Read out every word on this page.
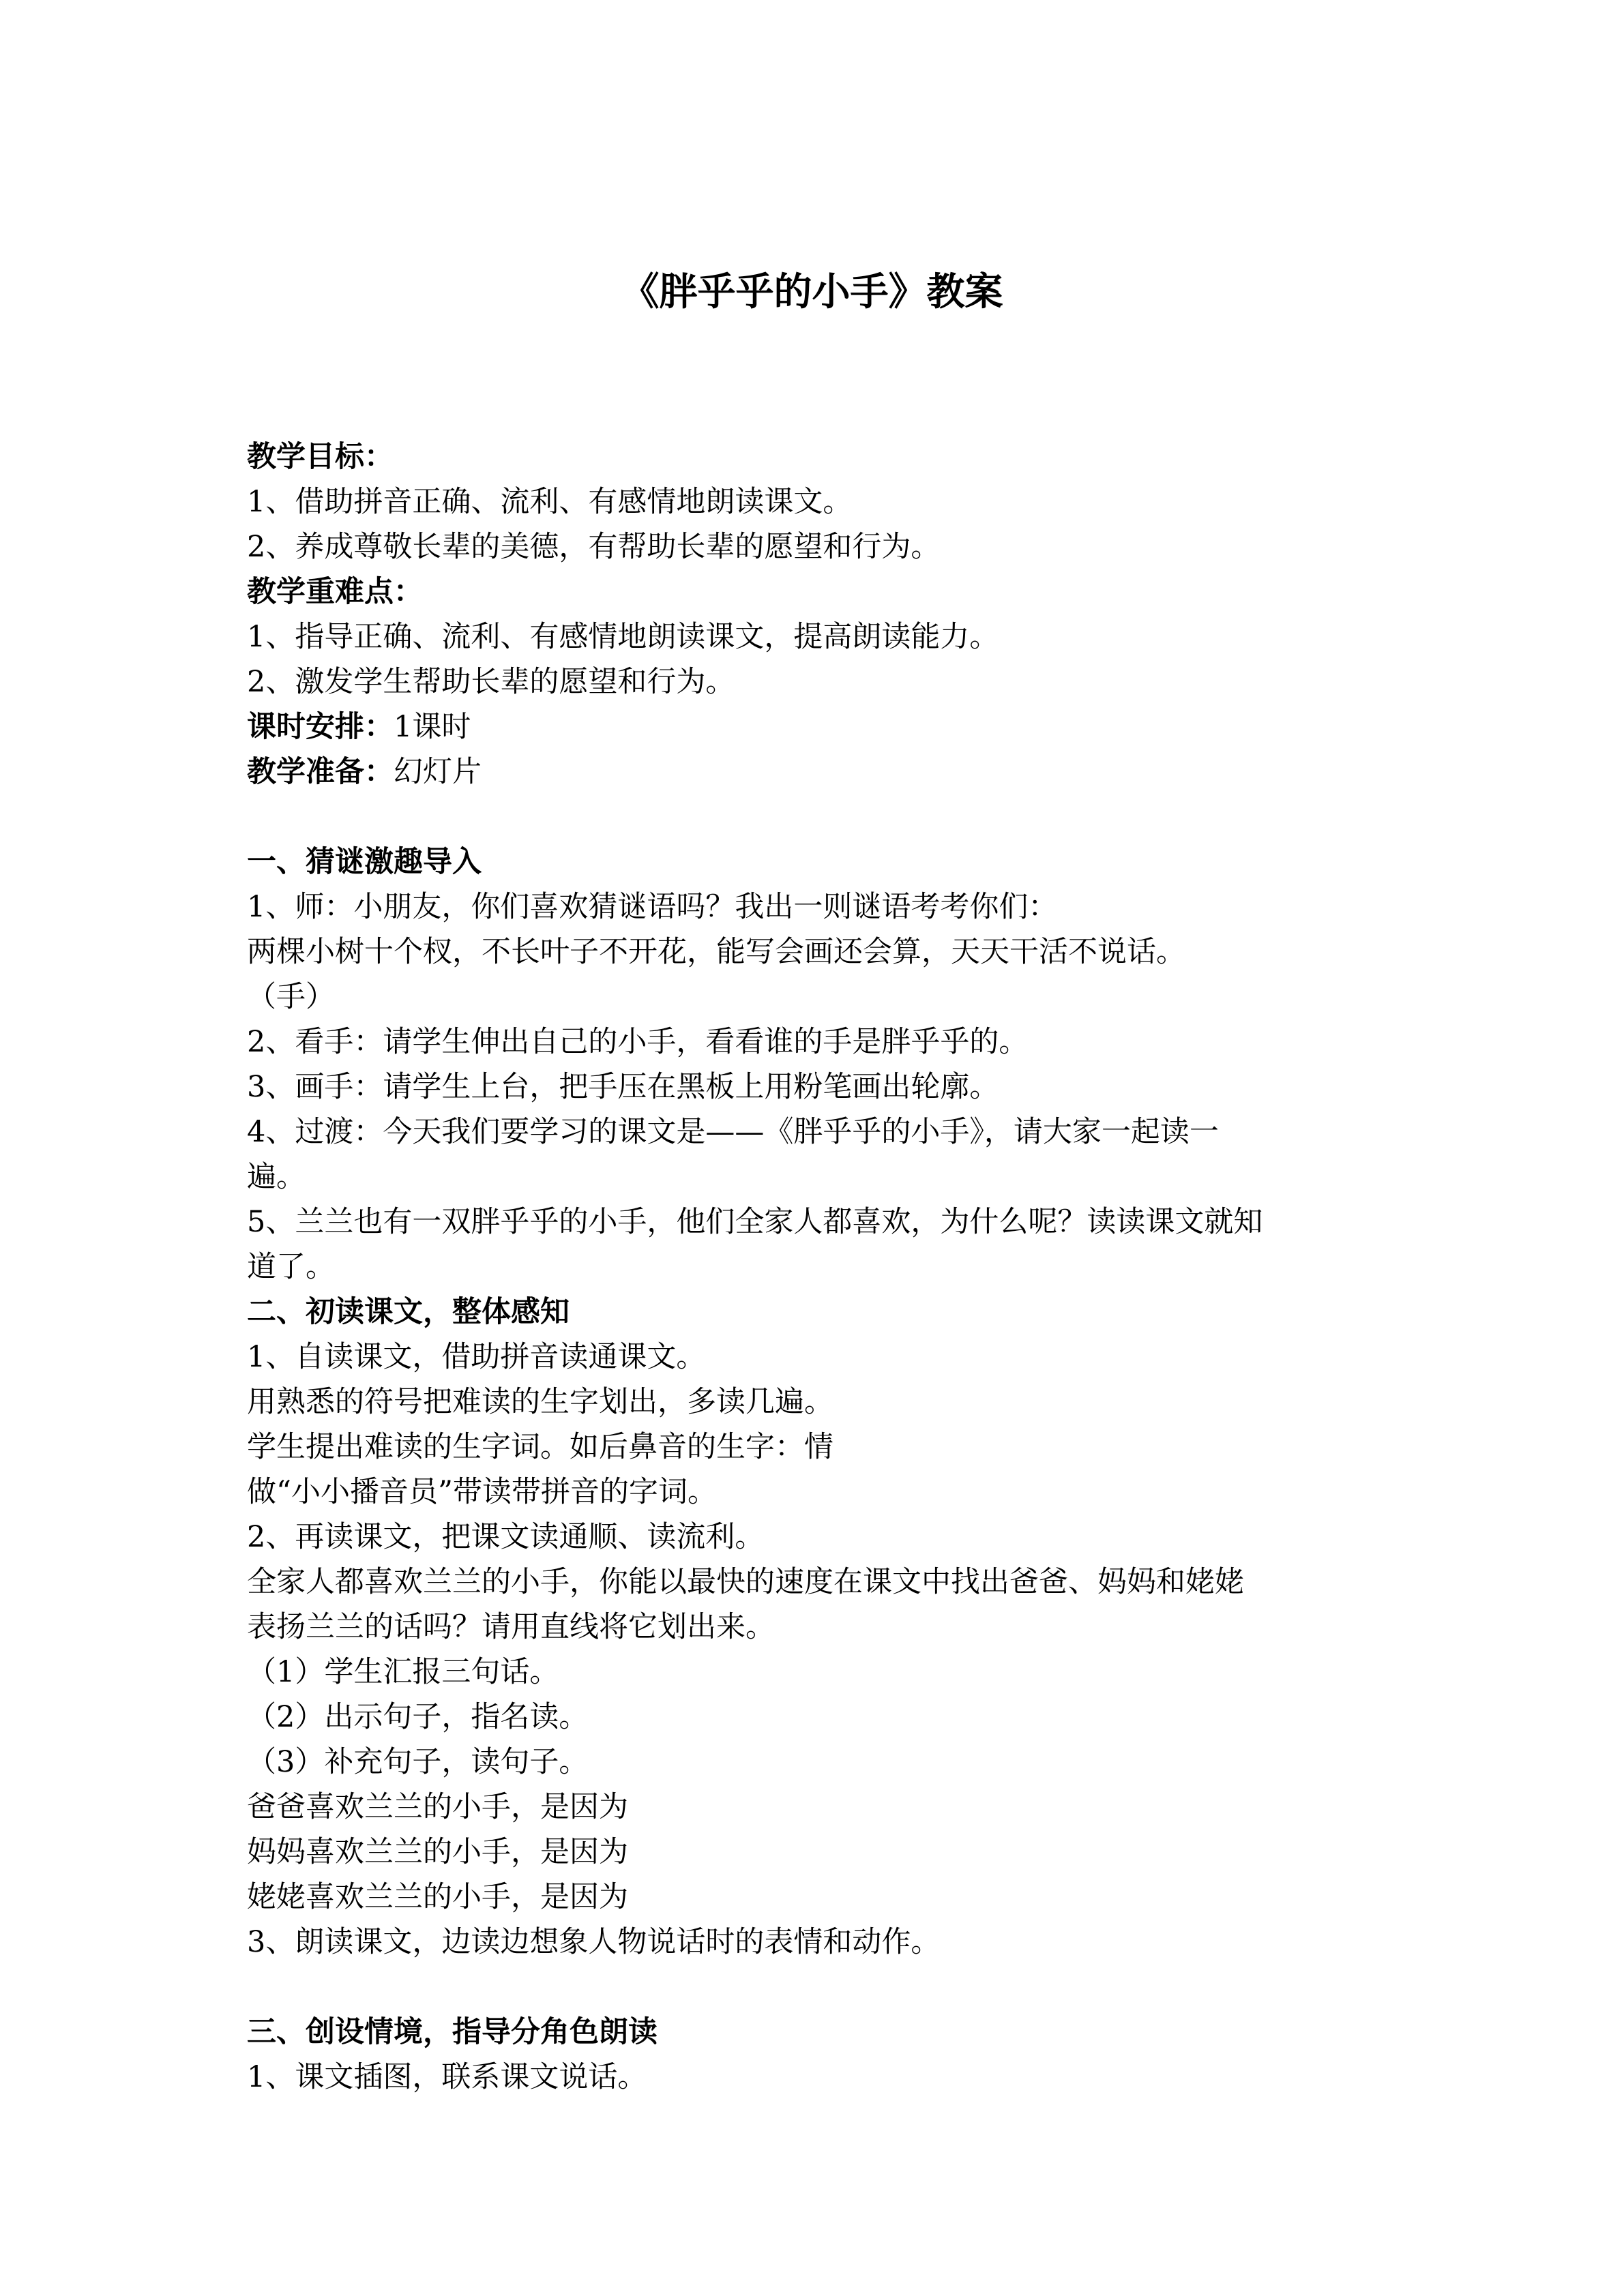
《胖乎乎的小手》教案
教学目标：
1、借助拼音正确、流利、有感情地朗读课文。
2、养成尊敬长辈的美德，有帮助长辈的愿望和行为。
教学重难点：
1、指导正确、流利、有感情地朗读课文，提高朗读能力。
2、激发学生帮助长辈的愿望和行为。
课时安排：1课时
教学准备：幻灯片
一、猜谜激趣导入
1、师：小朋友，你们喜欢猜谜语吗？我出一则谜语考考你们：
两棵小树十个杈，不长叶子不开花，能写会画还会算，天天干活不说话。
（手）
2、看手：请学生伸出自己的小手，看看谁的手是胖乎乎的。
3、画手：请学生上台，把手压在黑板上用粉笔画出轮廓。
4、过渡：今天我们要学习的课文是——《胖乎乎的小手》，请大家一起读一
遍。
5、兰兰也有一双胖乎乎的小手，他们全家人都喜欢，为什么呢？读读课文就知
道了。
二、初读课文，整体感知
1、自读课文，借助拼音读通课文。
用熟悉的符号把难读的生字划出，多读几遍。
学生提出难读的生字词。如后鼻音的生字：情
做“小小播音员”带读带拼音的字词。
2、再读课文，把课文读通顺、读流利。
全家人都喜欢兰兰的小手，你能以最快的速度在课文中找出爸爸、妈妈和姥姥
表扬兰兰的话吗？请用直线将它划出来。
（1）学生汇报三句话。
（2）出示句子，指名读。
（3）补充句子，读句子。
爸爸喜欢兰兰的小手，是因为
妈妈喜欢兰兰的小手，是因为
姥姥喜欢兰兰的小手，是因为
3、朗读课文，边读边想象人物说话时的表情和动作。
三、创设情境，指导分角色朗读
1、课文插图，联系课文说话。
